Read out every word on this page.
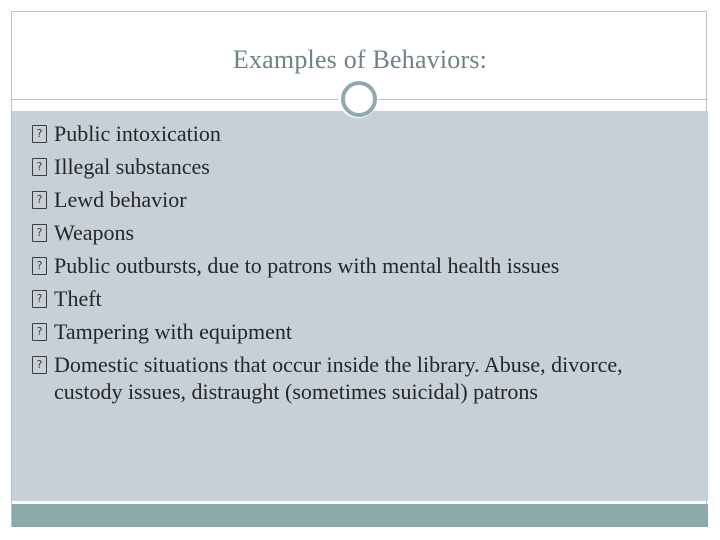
Examples of Behaviors:
?
Public intoxication
?
Illegal substances
?
Lewd behavior
?
Weapons
?
Public outbursts, due to patrons with mental health issues
?
Theft
?
Tampering with equipment
?
Domestic situations that occur inside the library. Abuse, divorce, custody issues, distraught (sometimes suicidal) patrons
